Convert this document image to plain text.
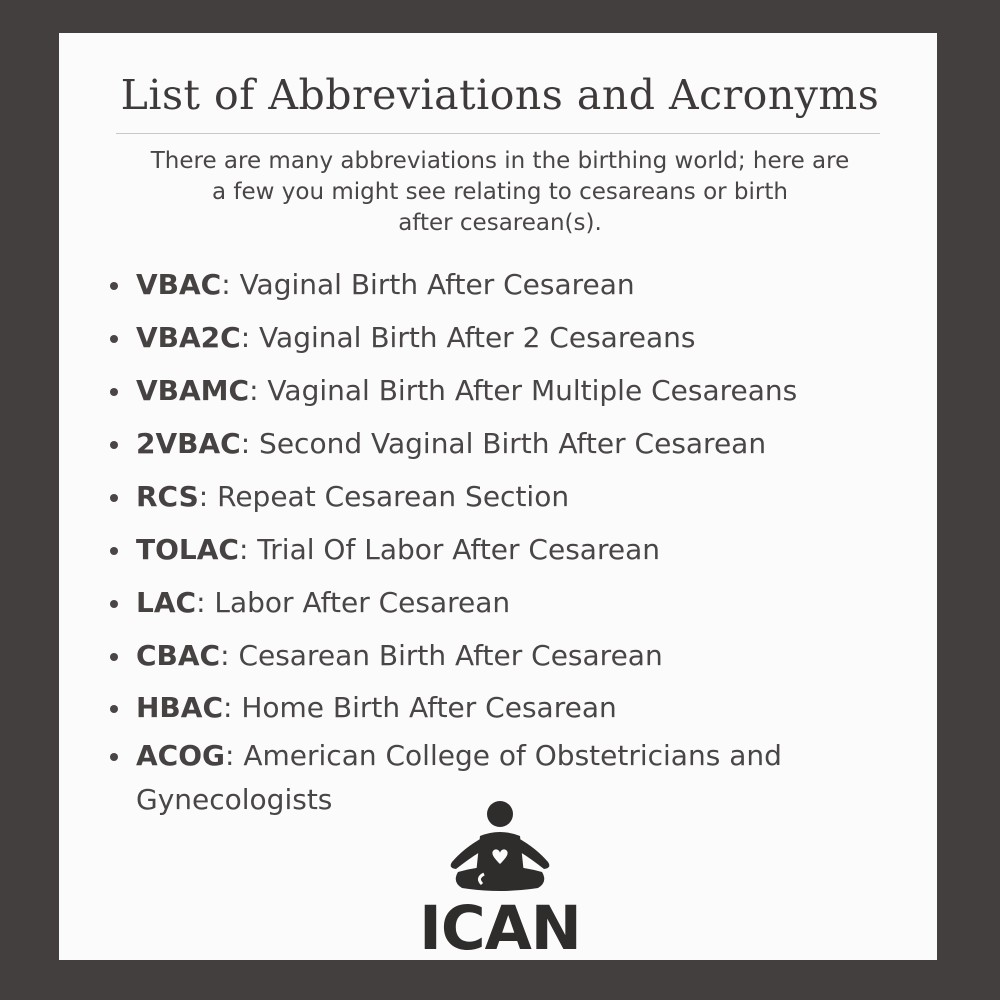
List of Abbreviations and Acronyms
There are many abbreviations in the birthing world; here are
a few you might see relating to cesareans or birth
after cesarean(s).
VBAC: Vaginal Birth After Cesarean
VBA2C: Vaginal Birth After 2 Cesareans
VBAMC: Vaginal Birth After Multiple Cesareans
2VBAC: Second Vaginal Birth After Cesarean
RCS: Repeat Cesarean Section
TOLAC: Trial Of Labor After Cesarean
LAC: Labor After Cesarean
CBAC: Cesarean Birth After Cesarean
HBAC: Home Birth After Cesarean
ACOG: American College of Obstetricians and Gynecologists
ICAN
